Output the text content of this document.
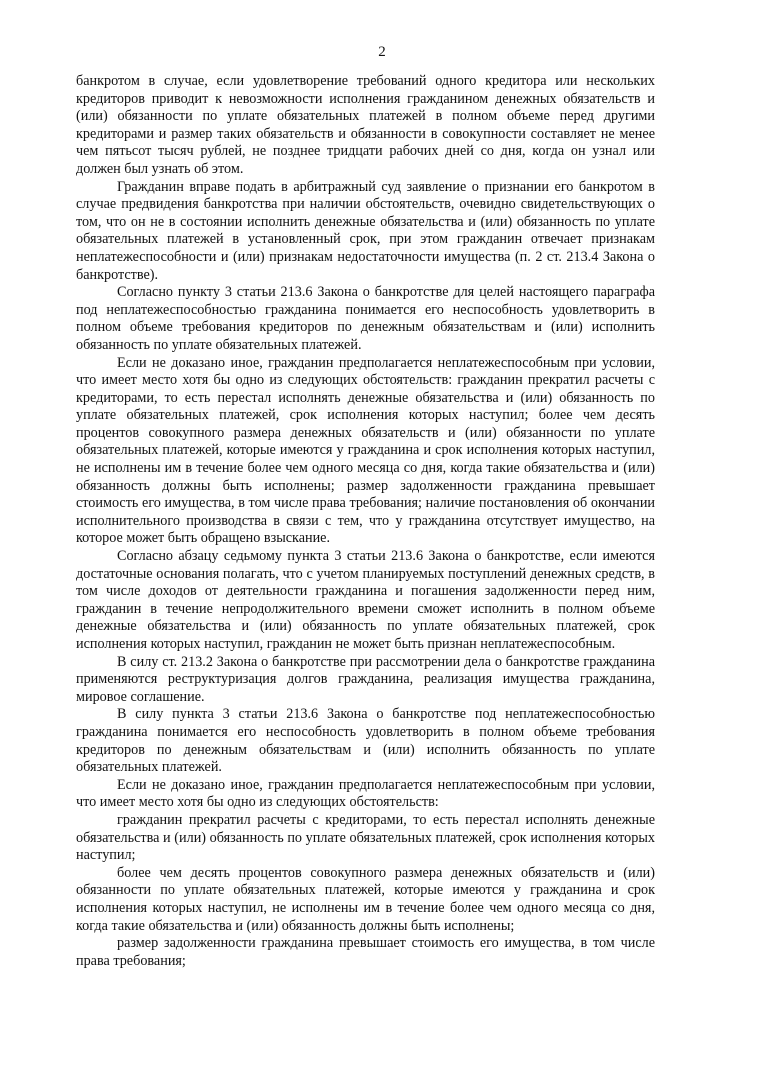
2

банкротом в случае, если удовлетворение требований одного кредитора или нескольких кредиторов приводит к невозможности исполнения гражданином денежных обязательств и (или) обязанности по уплате обязательных платежей в полном объеме перед другими кредиторами и размер таких обязательств и обязанности в совокупности составляет не менее чем пятьсот тысяч рублей, не позднее тридцати рабочих дней со дня, когда он узнал или должен был узнать об этом.

Гражданин вправе подать в арбитражный суд заявление о признании его банкротом в случае предвидения банкротства при наличии обстоятельств, очевидно свидетельствующих о том, что он не в состоянии исполнить денежные обязательства и (или) обязанность по уплате обязательных платежей в установленный срок, при этом гражданин отвечает признакам неплатежеспособности и (или) признакам недостаточности имущества (п. 2 ст. 213.4 Закона о банкротстве).

Согласно пункту 3 статьи 213.6 Закона о банкротстве для целей настоящего параграфа под неплатежеспособностью гражданина понимается его неспособность удовлетворить в полном объеме требования кредиторов по денежным обязательствам и (или) исполнить обязанность по уплате обязательных платежей.

Если не доказано иное, гражданин предполагается неплатежеспособным при условии, что имеет место хотя бы одно из следующих обстоятельств: гражданин прекратил расчеты с кредиторами, то есть перестал исполнять денежные обязательства и (или) обязанность по уплате обязательных платежей, срок исполнения которых наступил; более чем десять процентов совокупного размера денежных обязательств и (или) обязанности по уплате обязательных платежей, которые имеются у гражданина и срок исполнения которых наступил, не исполнены им в течение более чем одного месяца со дня, когда такие обязательства и (или) обязанность должны быть исполнены; размер задолженности гражданина превышает стоимость его имущества, в том числе права требования; наличие постановления об окончании исполнительного производства в связи с тем, что у гражданина отсутствует имущество, на которое может быть обращено взыскание.

Согласно абзацу седьмому пункта 3 статьи 213.6 Закона о банкротстве, если имеются достаточные основания полагать, что с учетом планируемых поступлений денежных средств, в том числе доходов от деятельности гражданина и погашения задолженности перед ним, гражданин в течение непродолжительного времени сможет исполнить в полном объеме денежные обязательства и (или) обязанность по уплате обязательных платежей, срок исполнения которых наступил, гражданин не может быть признан неплатежеспособным.

В силу ст. 213.2 Закона о банкротстве при рассмотрении дела о банкротстве гражданина применяются реструктуризация долгов гражданина, реализация имущества гражданина, мировое соглашение.

В силу пункта 3 статьи 213.6 Закона о банкротстве под неплатежеспособностью гражданина понимается его неспособность удовлетворить в полном объеме требования кредиторов по денежным обязательствам и (или) исполнить обязанность по уплате обязательных платежей.

Если не доказано иное, гражданин предполагается неплатежеспособным при условии, что имеет место хотя бы одно из следующих обстоятельств:

гражданин прекратил расчеты с кредиторами, то есть перестал исполнять денежные обязательства и (или) обязанность по уплате обязательных платежей, срок исполнения которых наступил;

более чем десять процентов совокупного размера денежных обязательств и (или) обязанности по уплате обязательных платежей, которые имеются у гражданина и срок исполнения которых наступил, не исполнены им в течение более чем одного месяца со дня, когда такие обязательства и (или) обязанность должны быть исполнены;

размер задолженности гражданина превышает стоимость его имущества, в том числе права требования;
